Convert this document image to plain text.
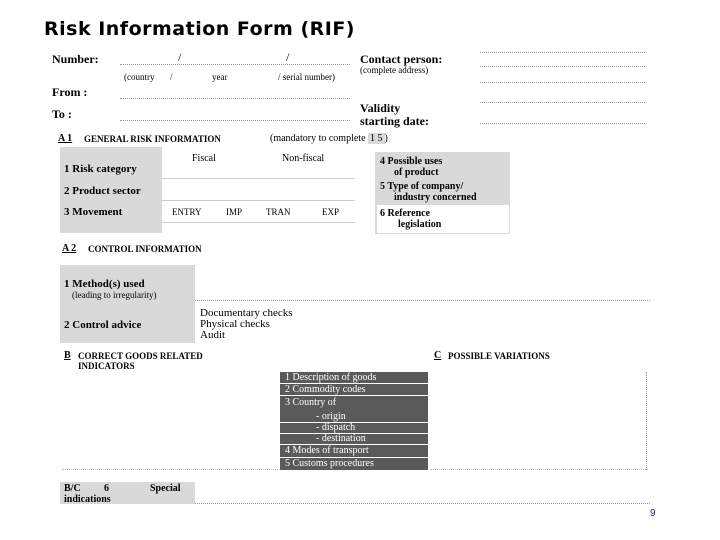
Risk Information Form (RIF)
Number:	/	/
(country /	year	/ serial number)
Contact person:
(complete address)
From :
To :	Validity
starting date:
A 1 GENERAL RISK INFORMATION	(mandatory to complete 1 5 )
Fiscal	Non-fiscal
1 Risk category
2 Product sector
3 Movement	ENTRY	IMP	TRAN	EXP
4 Possible uses
of product
5 Type of company/
industry concerned
6 Reference
legislation
A 2 CONTROL INFORMATION
1 Method(s) used
(leading to irregularity)
2 Control advice
Documentary checks
Physical checks
Audit
B CORRECT GOODS RELATED
INDICATORS
C POSSIBLE VARIATIONS
1 Description of goods
2 Commodity codes
3 Country of
- origin
- dispatch
- destination
4 Modes of transport
5 Customs procedures
B/C 6	Special
indications
9
